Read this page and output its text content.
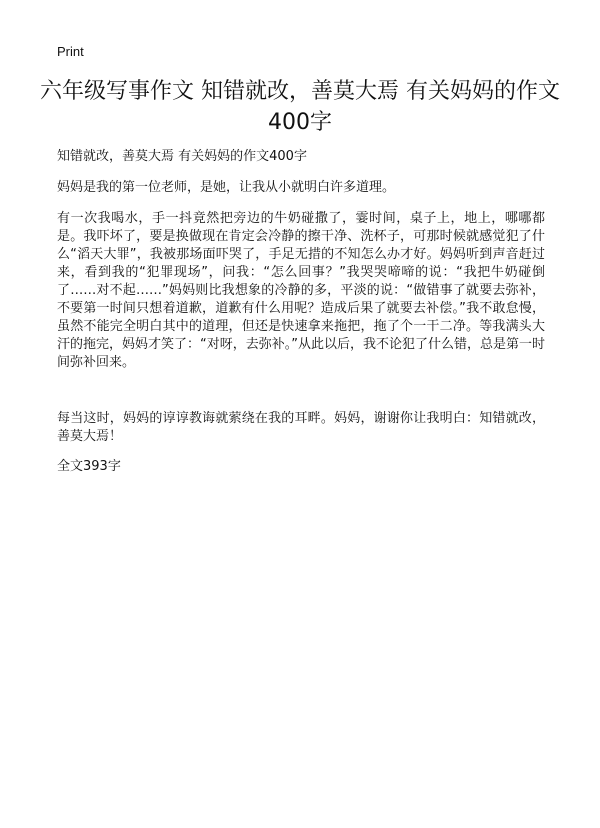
Print
六年级写事作文 知错就改，善莫大焉 有关妈妈的作文
400字

知错就改，善莫大焉 有关妈妈的作文400字

妈妈是我的第一位老师，是她，让我从小就明白许多道理。

有一次我喝水，手一抖竟然把旁边的牛奶碰撒了，霎时间，桌子上，地上，哪哪都是。我吓坏了，要是换做现在肯定会冷静的擦干净、洗杯子，可那时候就感觉犯了什么“滔天大罪”，我被那场面吓哭了，手足无措的不知怎么办才好。妈妈听到声音赶过来，看到我的“犯罪现场”，问我：“怎么回事？”我哭哭啼啼的说：“我把牛奶碰倒了……对不起……”妈妈则比我想象的冷静的多，平淡的说：“做错事了就要去弥补，不要第一时间只想着道歉，道歉有什么用呢？造成后果了就要去补偿。”我不敢怠慢，虽然不能完全明白其中的道理，但还是快速拿来拖把，拖了个一干二净。等我满头大汗的拖完，妈妈才笑了：“对呀，去弥补。”从此以后，我不论犯了什么错，总是第一时间弥补回来。

每当这时，妈妈的谆谆教诲就萦绕在我的耳畔。妈妈，谢谢你让我明白：知错就改，善莫大焉！

全文393字
